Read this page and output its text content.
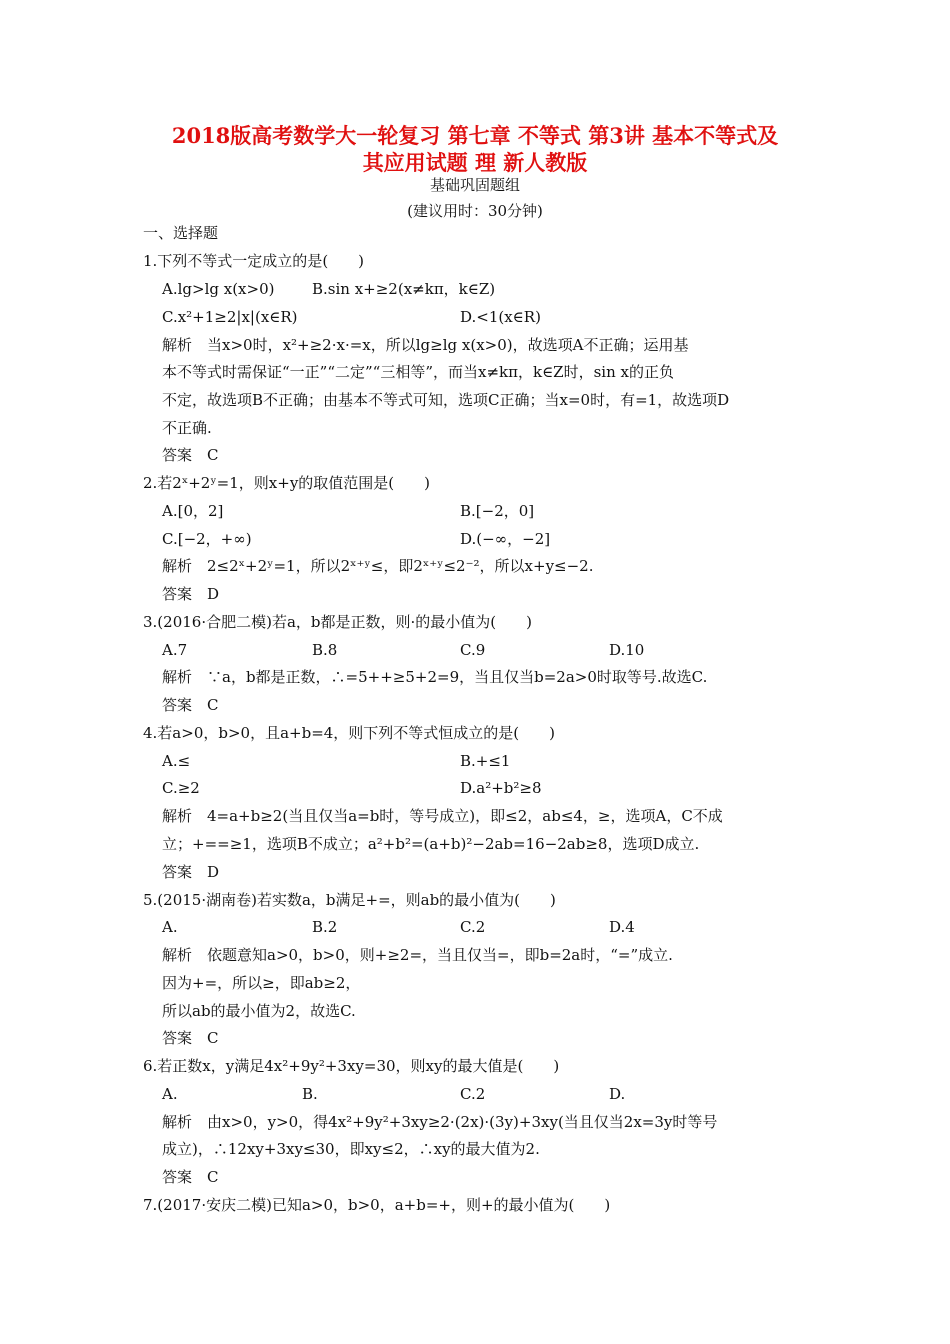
2018版高考数学大一轮复习 第七章 不等式 第3讲 基本不等式及
其应用试题 理 新人教版
基础巩固题组
(建议用时：30分钟)
一、选择题
1.下列不等式一定成立的是(　　)
A.lg>lg x(x>0)	B.sin x+≥2(x≠kπ，k∈Z)
C.x²+1≥2|x|(x∈R)	D.<1(x∈R)
解析　当x>0时，x²+≥2·x·=x，所以lg≥lg x(x>0)，故选项A不正确；运用基
本不等式时需保证“一正”“二定”“三相等”，而当x≠kπ，k∈Z时，sin x的正负
不定，故选项B不正确；由基本不等式可知，选项C正确；当x=0时，有=1，故选项D
不正确.
答案　C
2.若2ˣ+2ʸ=1，则x+y的取值范围是(　　)
A.[0，2]	B.[−2，0]
C.[−2，+∞)	D.(−∞，−2]
解析　2≤2ˣ+2ʸ=1，所以2ˣ⁺ʸ≤，即2ˣ⁺ʸ≤2⁻²，所以x+y≤−2.
答案　D
3.(2016·合肥二模)若a，b都是正数，则·的最小值为(　　)
A.7	B.8	C.9	D.10
解析　∵a，b都是正数，∴=5++≥5+2=9，当且仅当b=2a>0时取等号.故选C.
答案　C
4.若a>0，b>0，且a+b=4，则下列不等式恒成立的是(　　)
A.≤	B.+≤1
C.≥2	D.a²+b²≥8
解析　4=a+b≥2(当且仅当a=b时，等号成立)，即≤2，ab≤4，≥，选项A，C不成
立；+==≥1，选项B不成立；a²+b²=(a+b)²−2ab=16−2ab≥8，选项D成立.
答案　D
5.(2015·湖南卷)若实数a，b满足+=，则ab的最小值为(　　)
A.	B.2	C.2	D.4
解析　依题意知a>0，b>0，则+≥2=，当且仅当=，即b=2a时，“=”成立.
因为+=，所以≥，即ab≥2，
所以ab的最小值为2，故选C.
答案　C
6.若正数x，y满足4x²+9y²+3xy=30，则xy的最大值是(　　)
A.	B.	C.2	D.
解析　由x>0，y>0，得4x²+9y²+3xy≥2·(2x)·(3y)+3xy(当且仅当2x=3y时等号
成立)，∴12xy+3xy≤30，即xy≤2，∴xy的最大值为2.
答案　C
7.(2017·安庆二模)已知a>0，b>0，a+b=+，则+的最小值为(　　)
